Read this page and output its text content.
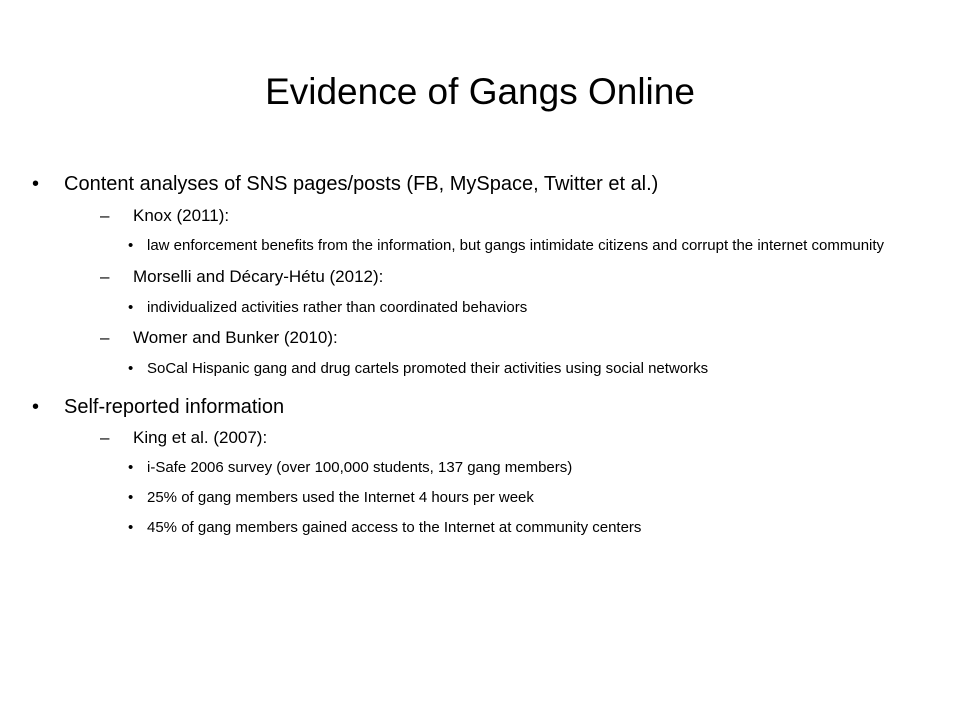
Evidence of Gangs Online

• Content analyses of SNS pages/posts (FB, MySpace, Twitter et al.)

– Knox (2011):

• law enforcement benefits from the information, but gangs intimidate citizens and corrupt the internet community

– Morselli and Décary-Hétu (2012):

• individualized activities rather than coordinated behaviors

– Womer and Bunker (2010):

• SoCal Hispanic gang and drug cartels promoted their activities using social networks

• Self-reported information

– King et al. (2007):

• i-Safe 2006 survey (over 100,000 students, 137 gang members)

• 25% of gang members used the Internet 4 hours per week

• 45% of gang members gained access to the Internet at community centers
